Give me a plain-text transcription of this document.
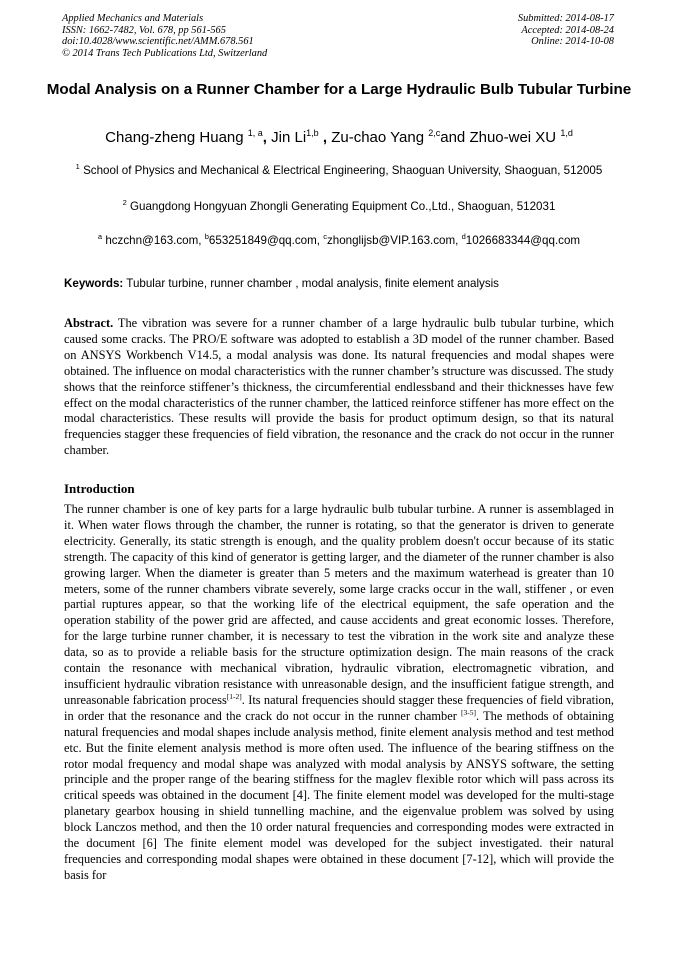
Applied Mechanics and Materials
ISSN: 1662-7482, Vol. 678, pp 561-565
doi:10.4028/www.scientific.net/AMM.678.561
© 2014 Trans Tech Publications Ltd, Switzerland
Submitted: 2014-08-17
Accepted: 2014-08-24
Online: 2014-10-08
Modal Analysis on a Runner Chamber for a Large Hydraulic Bulb Tubular Turbine
Chang-zheng Huang $^{1, a}$, Jin Li$^{1,b}$ , Zu-chao Yang $^{2,c}$and Zhuo-wei XU $^{1,d}$
$^1$ School of Physics and Mechanical & Electrical Engineering, Shaoguan University, Shaoguan, 512005
$^2$ Guangdong Hongyuan Zhongli Generating Equipment Co.,Ltd., Shaoguan, 512031
$^a$ hczchn@163.com, $^b$653251849@qq.com, $^c$zhonglijsb@VIP.163.com, $^d$1026683344@qq.com
Keywords: Tubular turbine, runner chamber , modal analysis, finite element analysis
Abstract. The vibration was severe for a runner chamber of a large hydraulic bulb tubular turbine, which caused some cracks. The PRO/E software was adopted to establish a 3D model of the runner chamber. Based on ANSYS Workbench V14.5, a modal analysis was done. Its natural frequencies and modal shapes were obtained. The influence on modal characteristics with the runner chamber’s structure was discussed. The study shows that the reinforce stiffener’s thickness, the circumferential endlessband and their thicknesses have few effect on the modal characteristics of the runner chamber, the latticed reinforce stiffener has more effect on the modal characteristics. These results will provide the basis for product optimum design, so that its natural frequencies stagger these frequencies of field vibration, the resonance and the crack do not occur in the runner chamber.
Introduction
The runner chamber is one of key parts for a large hydraulic bulb tubular turbine. A runner is assemblaged in it. When water flows through the chamber, the runner is rotating, so that the generator is driven to generate electricity. Generally, its static strength is enough, and the quality problem doesn't occur because of its static strength. The capacity of this kind of generator is getting larger, and the diameter of the runner chamber is also growing larger. When the diameter is greater than 5 meters and the maximum waterhead is greater than 10 meters, some of the runner chambers vibrate severely, some large cracks occur in the wall, stiffener , or even partial ruptures appear, so that the working life of the electrical equipment, the safe operation and the operation stability of the power grid are affected, and cause accidents and great economic losses. Therefore, for the large turbine runner chamber, it is necessary to test the vibration in the work site and analyze these data, so as to provide a reliable basis for the structure optimization design. The main reasons of the crack contain the resonance with mechanical vibration, hydraulic vibration, electromagnetic vibration, and insufficient hydraulic vibration resistance with unreasonable design, and the insufficient fatigue strength, and unreasonable fabrication process[1-2]. Its natural frequencies should stagger these frequencies of field vibration, in order that the resonance and the crack do not occur in the runner chamber [3-5]. The methods of obtaining natural frequencies and modal shapes include analysis method, finite element analysis method and test method etc. But the finite element analysis method is more often used. The influence of the bearing stiffness on the rotor modal frequency and modal shape was analyzed with modal analysis by ANSYS software, the setting principle and the proper range of the bearing stiffness for the maglev flexible rotor which will pass across its critical speeds was obtained in the document [4]. The finite element model was developed for the multi-stage planetary gearbox housing in shield tunnelling machine, and the eigenvalue problem was solved by using block Lanczos method, and then the 10 order natural frequencies and corresponding modes were extracted in the document [6] The finite element model was developed for the subject investigated. their natural frequencies and corresponding modal shapes were obtained in these document [7-12], which will provide the basis for
